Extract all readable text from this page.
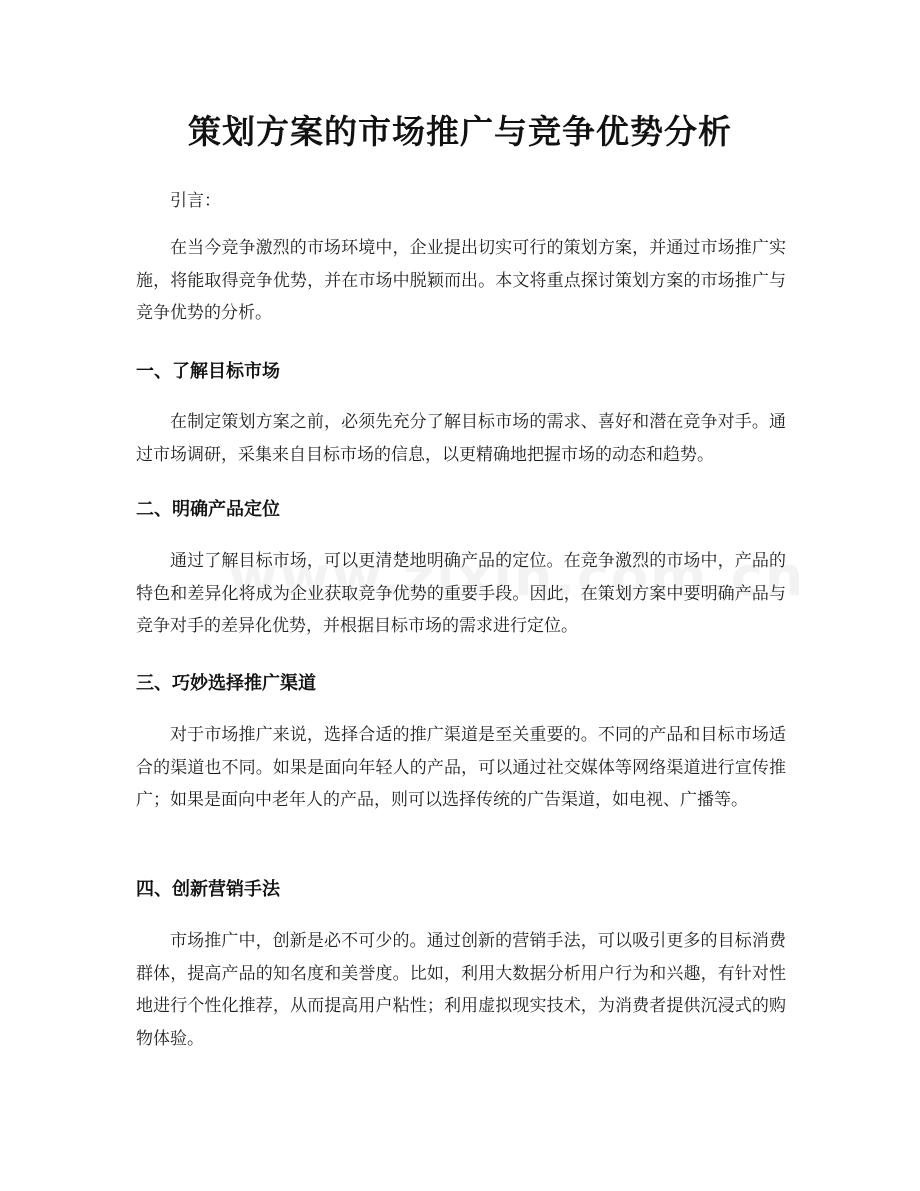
策划方案的市场推广与竞争优势分析

引言：

在当今竞争激烈的市场环境中，企业提出切实可行的策划方案，并通过市场推广实施，将能取得竞争优势，并在市场中脱颖而出。本文将重点探讨策划方案的市场推广与竞争优势的分析。

一、了解目标市场

在制定策划方案之前，必须先充分了解目标市场的需求、喜好和潜在竞争对手。通过市场调研，采集来自目标市场的信息，以更精确地把握市场的动态和趋势。

二、明确产品定位

通过了解目标市场，可以更清楚地明确产品的定位。在竞争激烈的市场中，产品的特色和差异化将成为企业获取竞争优势的重要手段。因此，在策划方案中要明确产品与竞争对手的差异化优势，并根据目标市场的需求进行定位。

三、巧妙选择推广渠道

对于市场推广来说，选择合适的推广渠道是至关重要的。不同的产品和目标市场适合的渠道也不同。如果是面向年轻人的产品，可以通过社交媒体等网络渠道进行宣传推广；如果是面向中老年人的产品，则可以选择传统的广告渠道，如电视、广播等。

四、创新营销手法

市场推广中，创新是必不可少的。通过创新的营销手法，可以吸引更多的目标消费群体，提高产品的知名度和美誉度。比如，利用大数据分析用户行为和兴趣，有针对性地进行个性化推荐，从而提高用户粘性；利用虚拟现实技术，为消费者提供沉浸式的购物体验。
